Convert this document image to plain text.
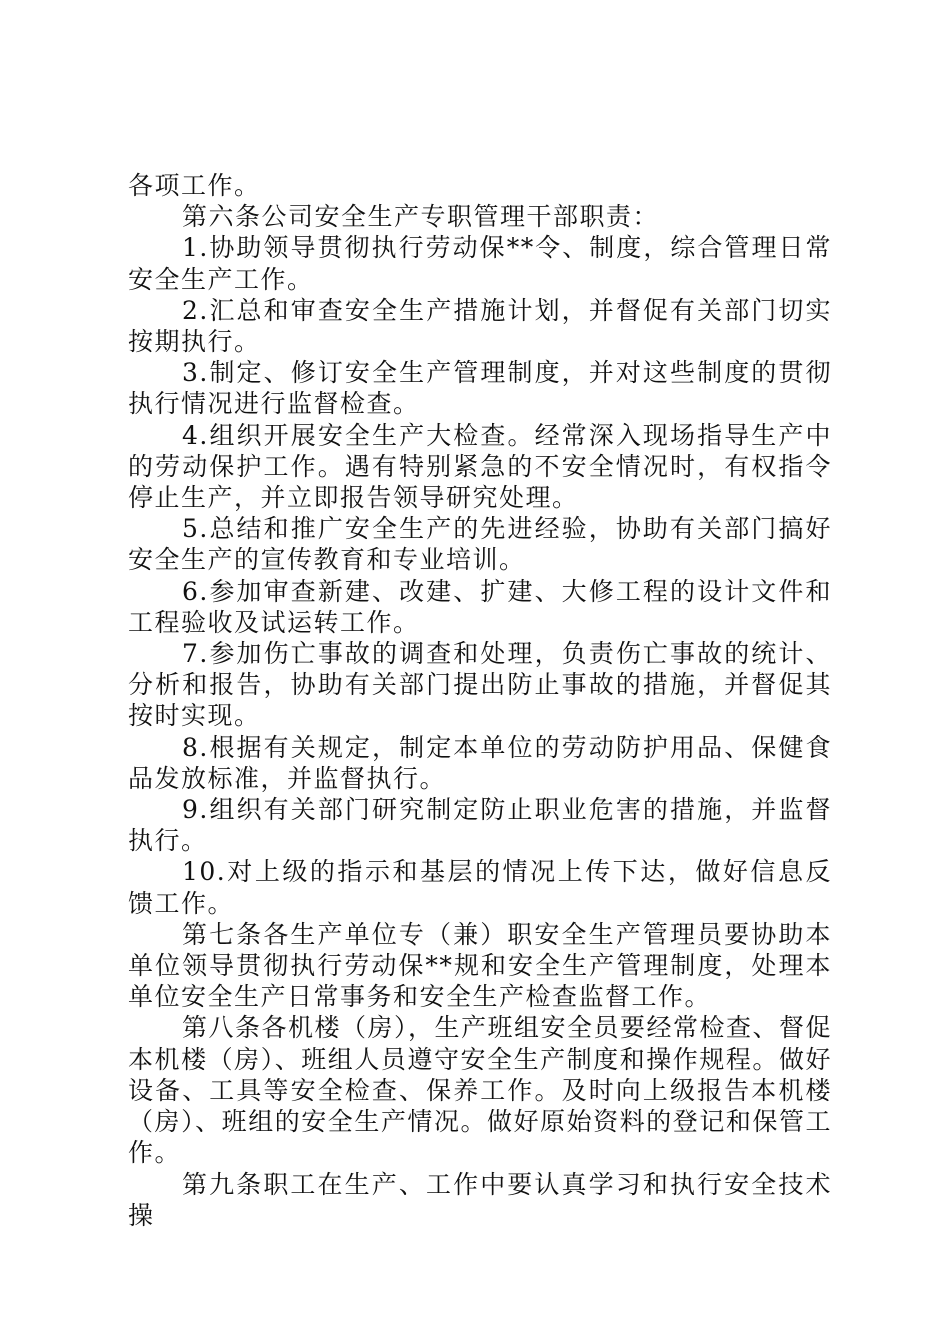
各项工作。

第六条公司安全生产专职管理干部职责：

1.协助领导贯彻执行劳动保**令、制度，综合管理日常安全生产工作。

2.汇总和审查安全生产措施计划，并督促有关部门切实按期执行。

3.制定、修订安全生产管理制度，并对这些制度的贯彻执行情况进行监督检查。

4.组织开展安全生产大检查。经常深入现场指导生产中的劳动保护工作。遇有特别紧急的不安全情况时，有权指令停止生产，并立即报告领导研究处理。

5.总结和推广安全生产的先进经验，协助有关部门搞好安全生产的宣传教育和专业培训。

6.参加审查新建、改建、扩建、大修工程的设计文件和工程验收及试运转工作。

7.参加伤亡事故的调查和处理，负责伤亡事故的统计、分析和报告，协助有关部门提出防止事故的措施，并督促其按时实现。

8.根据有关规定，制定本单位的劳动防护用品、保健食品发放标准，并监督执行。

9.组织有关部门研究制定防止职业危害的措施，并监督执行。

10.对上级的指示和基层的情况上传下达，做好信息反馈工作。

第七条各生产单位专（兼）职安全生产管理员要协助本单位领导贯彻执行劳动保**规和安全生产管理制度，处理本单位安全生产日常事务和安全生产检查监督工作。

第八条各机楼（房），生产班组安全员要经常检查、督促本机楼（房）、班组人员遵守安全生产制度和操作规程。做好设备、工具等安全检查、保养工作。及时向上级报告本机楼（房）、班组的安全生产情况。做好原始资料的登记和保管工作。

第九条职工在生产、工作中要认真学习和执行安全技术操
